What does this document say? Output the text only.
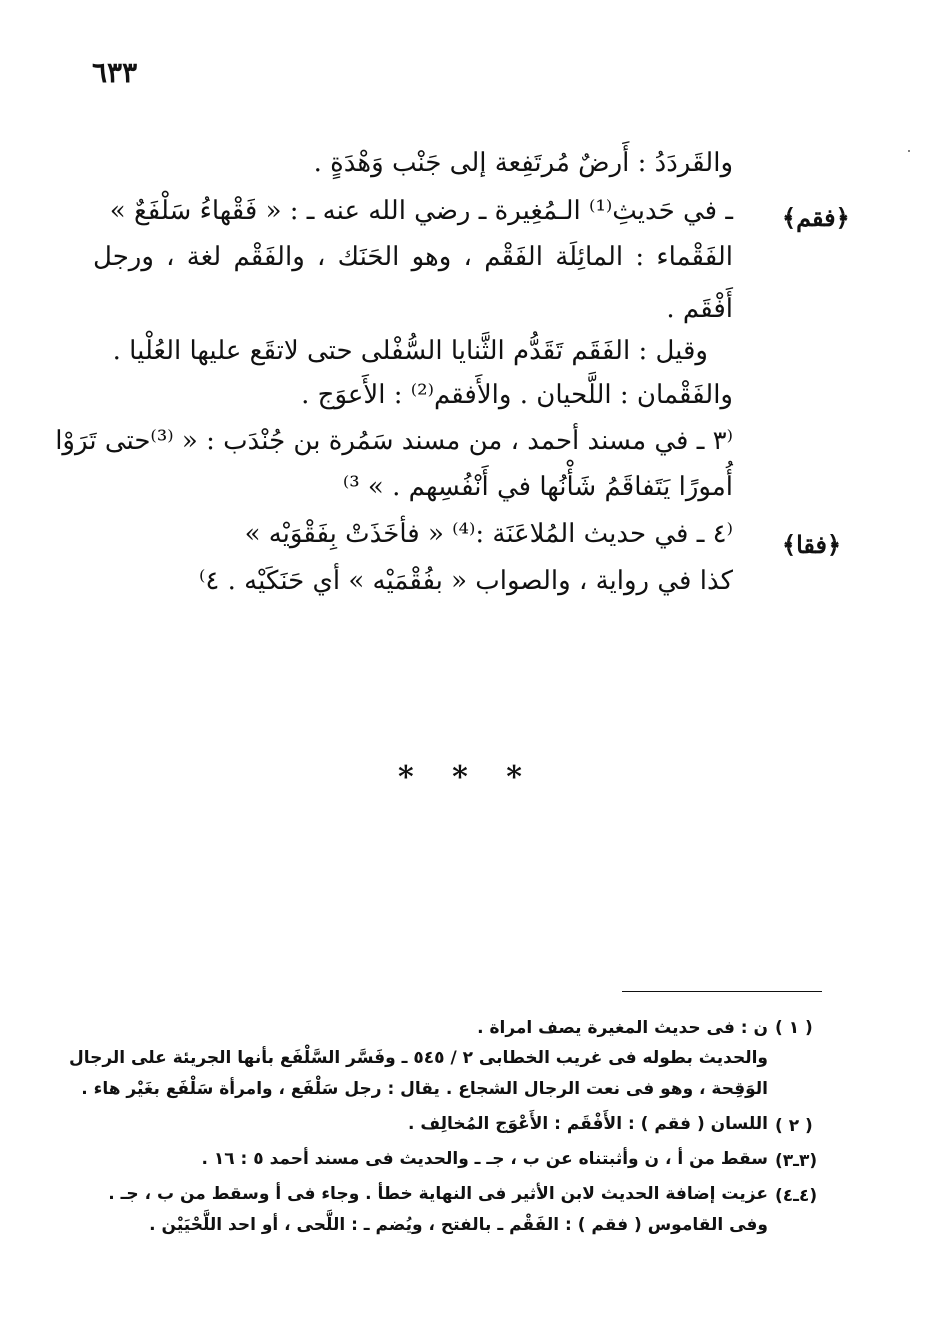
٦٣٣
والقَردَدُ : أَرضٌ مُرتَفِعة إلى جَنْب وَهْدَةٍ .
﴿فقم﴾
ـ في حَديثِ⁽¹⁾ الـمُغِيرة ـ رضي الله عنه ـ : « فَقْهاءُ سَلْفَعٌ »
الفَقْماء : المائِلَة الفَقْم ، وهو الحَنَك ، والفَقْم لغة ، ورجل
أَفْقَم .
وقيل : الفَقَم تَقَدُّم الثَّنايا السُّفْلى حتى لاتقَع عليها العُلْيا .
والفَقْمان : اللَّحيان . والأَفقم⁽²⁾ : الأَعوَج .
⁽٣ ـ في مسند أحمد ، من مسند سَمُرة بن جُنْدَب : « ⁽³⁾حتى تَرَوْا
أُمورًا يَتَفاقَمُ شَأْنُها في أَنْفُسِهم . » ³⁾
﴿فقا﴾
⁽٤ ـ في حديث المُلاعَنَة :⁽⁴⁾ « فأخَذَتْ بِفَقْوَيْه »
كذا في رواية ، والصواب « بفُقْمَيْه » أي حَنَكَيْه . ٤⁾
* * *
( ١ )
ن : فى حديث المغيرة يصف امراة .
والحديث بطوله فى غريب الخطابى ٢ / ٥٤٥ ـ وفَسَّر السَّلْفَع بأنها الجريئة على الرجال
الوَقِحة ، وهو فى نعت الرجال الشجاع . يقال : رجل سَلْفَع ، وامرأة سَلْفَع بغَيْر هاء .
( ٢ )
اللسان ( فقم ) : الأَفْقَم : الأَعْوَج المُخالِف .
(٣ـ٣)
سقط من أ ، ن وأثبتناه عن ب ، جـ ـ والحديث فى مسند أحمد ٥ : ١٦ .
(٤ـ٤)
عزيت إضافة الحديث لابن الأثير فى النهاية خطأ . وجاء فى أ وسقط من ب ، جـ .
وفى القاموس ( فقم ) : الفَقْم ـ بالفتح ، ويُضم ـ : اللَّحى ، أو احد اللَّحْيَيْن .
